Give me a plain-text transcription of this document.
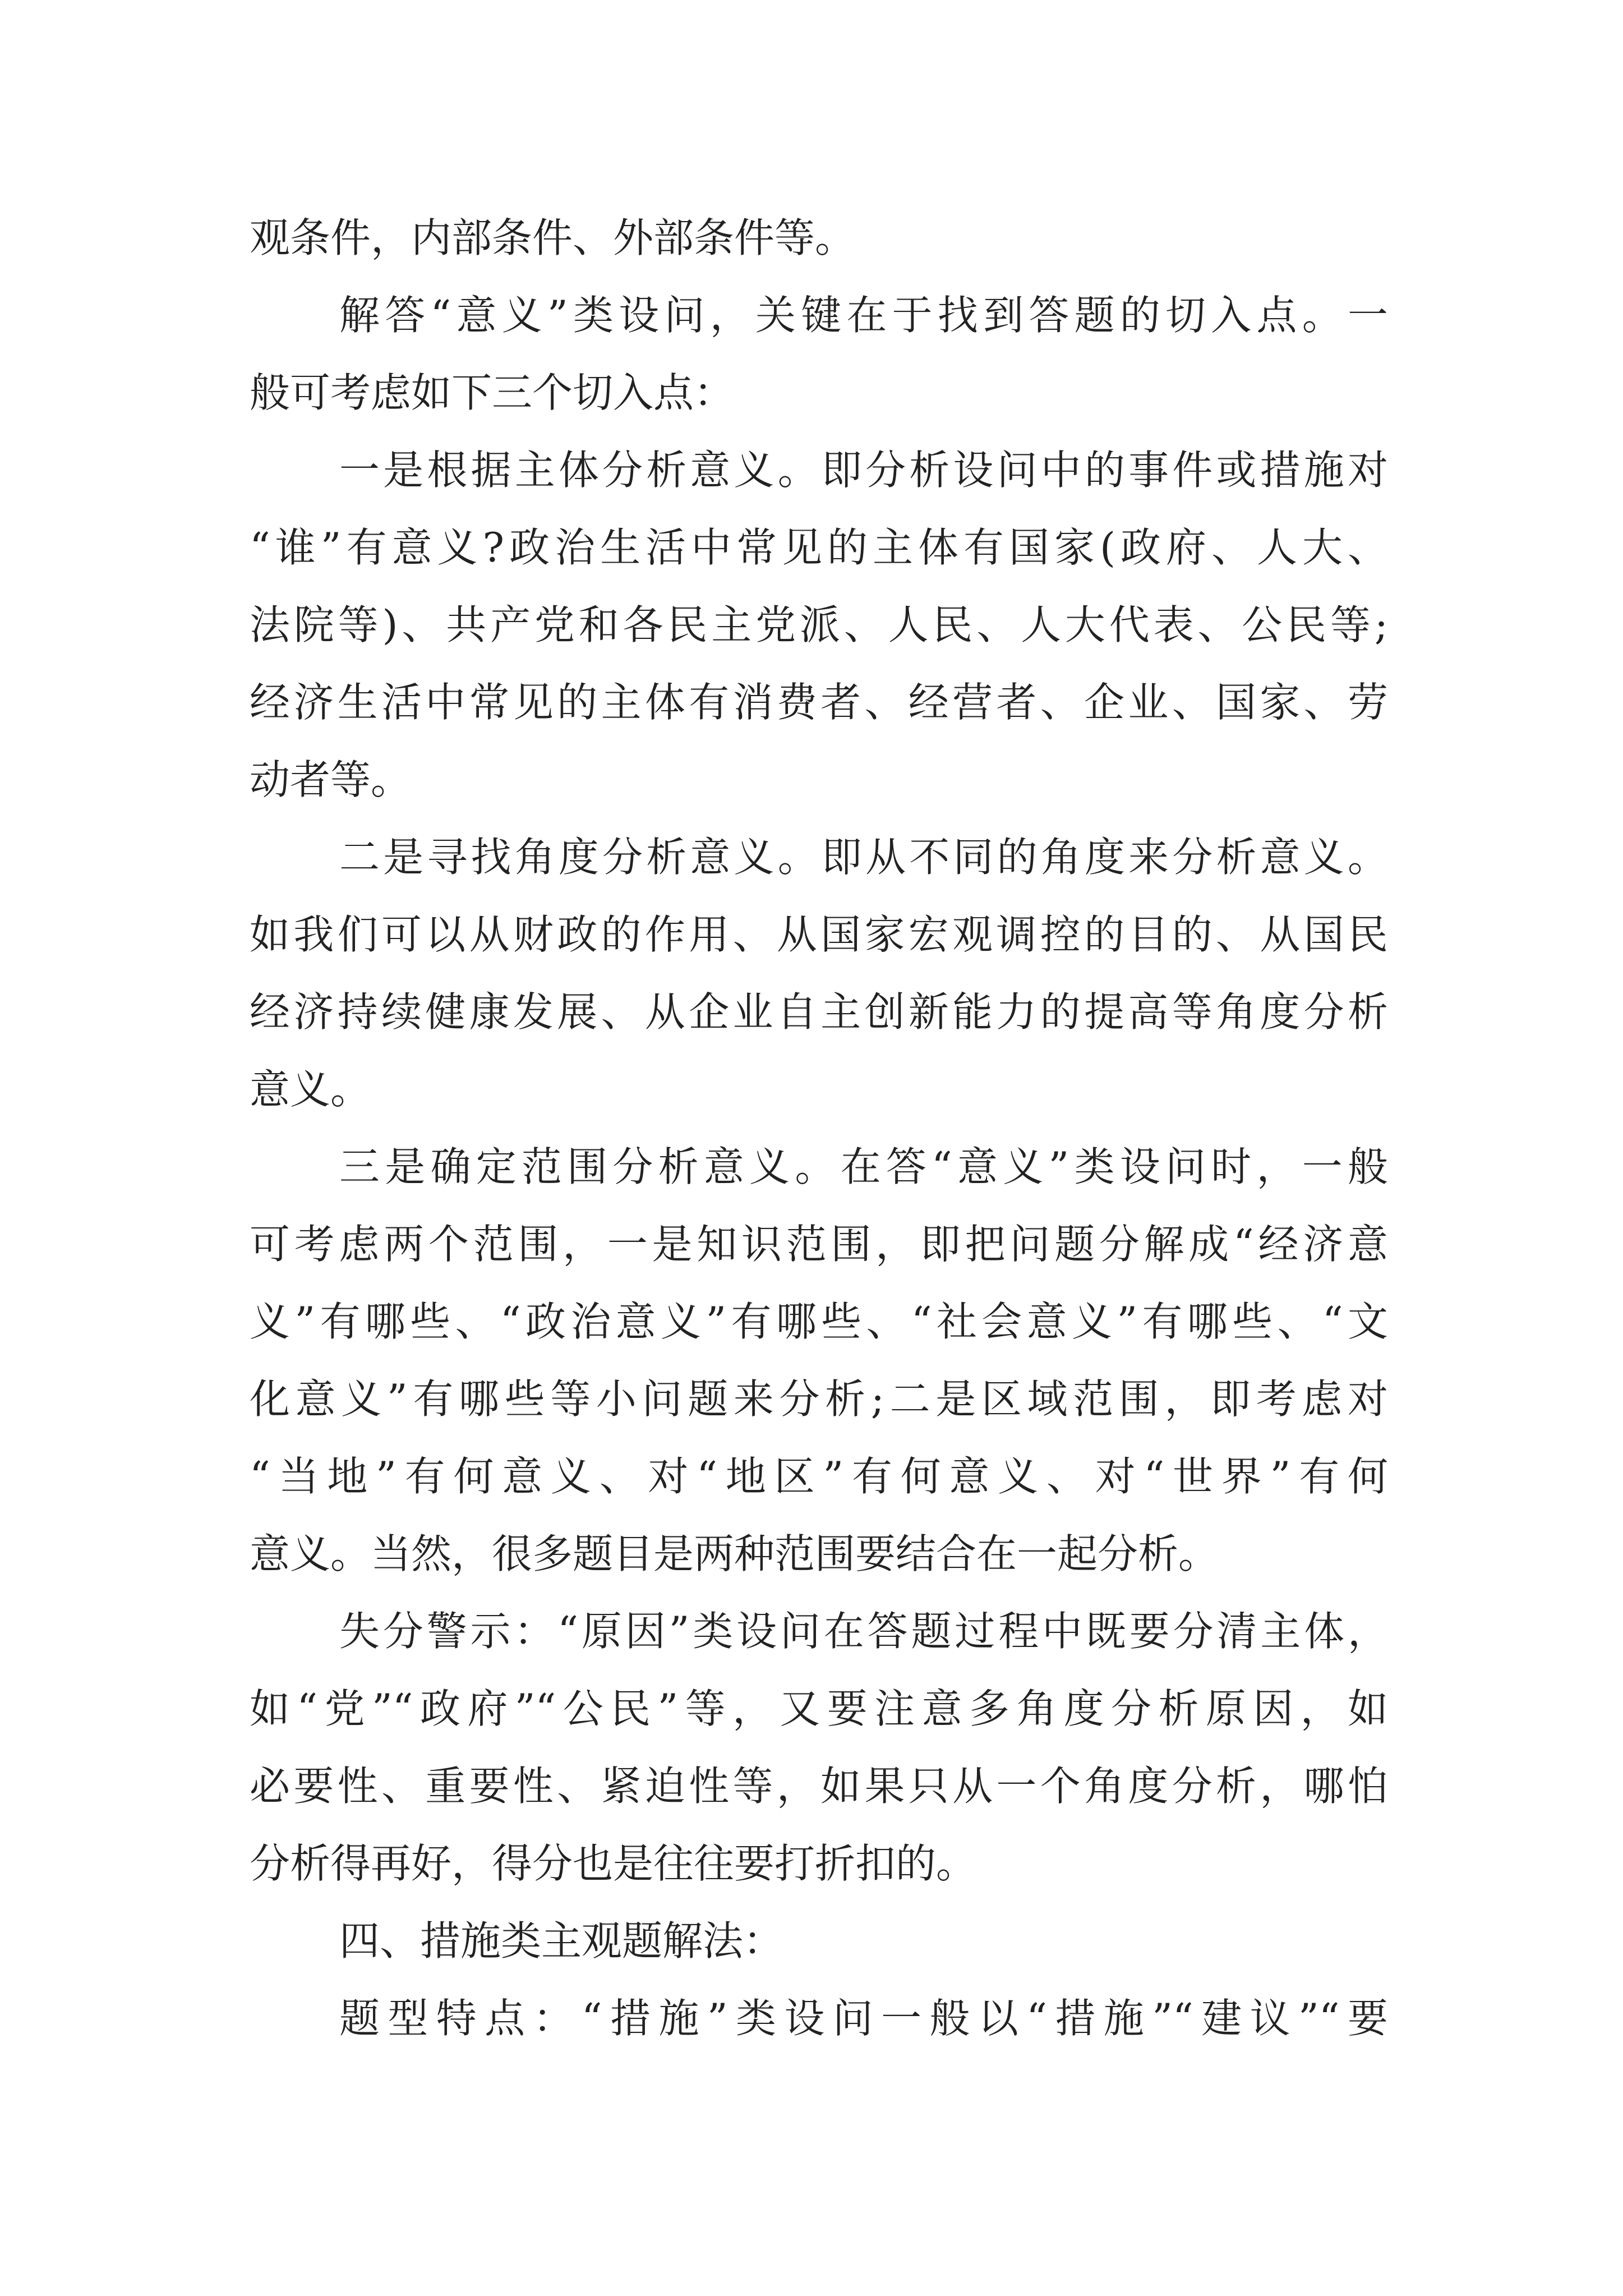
观条件，内部条件、外部条件等。
解答“意义”类设问，关键在于找到答题的切入点。一
般可考虑如下三个切入点：
一是根据主体分析意义。即分析设问中的事件或措施对
“谁”有意义?政治生活中常见的主体有国家(政府、人大、
法院等)、共产党和各民主党派、人民、人大代表、公民等;
经济生活中常见的主体有消费者、经营者、企业、国家、劳
动者等。
二是寻找角度分析意义。即从不同的角度来分析意义。
如我们可以从财政的作用、从国家宏观调控的目的、从国民
经济持续健康发展、从企业自主创新能力的提高等角度分析
意义。
三是确定范围分析意义。在答“意义”类设问时，一般
可考虑两个范围，一是知识范围，即把问题分解成“经济意
义”有哪些、“政治意义”有哪些、“社会意义”有哪些、“文
化意义”有哪些等小问题来分析;二是区域范围，即考虑对
“当地”有何意义、对“地区”有何意义、对“世界”有何
意义。当然，很多题目是两种范围要结合在一起分析。
失分警示：“原因”类设问在答题过程中既要分清主体，
如“党”“政府”“公民”等，又要注意多角度分析原因，如
必要性、重要性、紧迫性等，如果只从一个角度分析，哪怕
分析得再好，得分也是往往要打折扣的。
四、措施类主观题解法：
题型特点：“措施”类设问一般以“措施”“建议”“要
